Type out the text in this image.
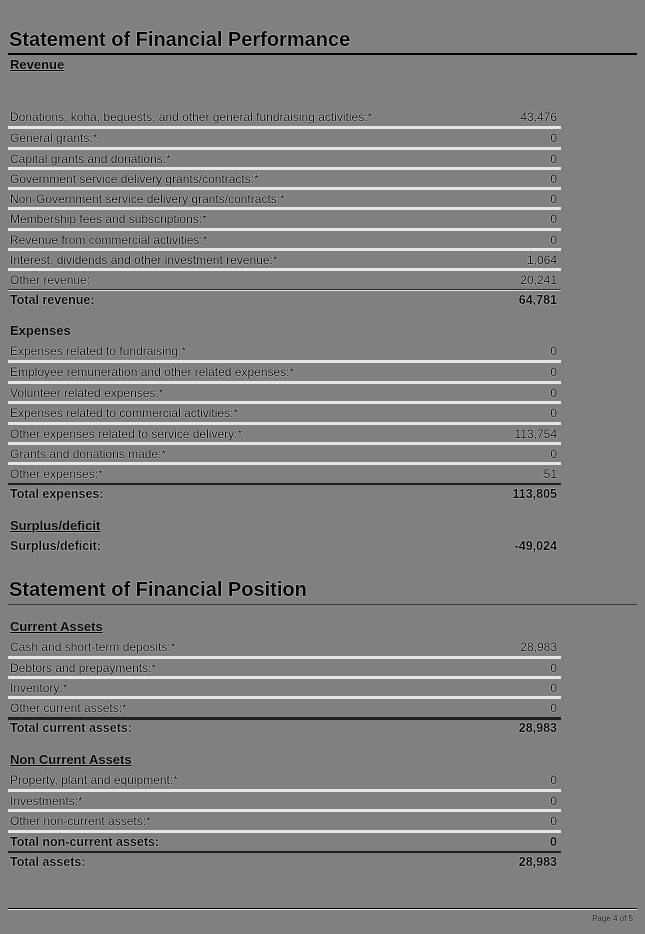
Statement of Financial Performance
Revenue
Donations, koha, bequests, and other general fundraising activities:*	43,476
General grants:*	0
Capital grants and donations:*	0
Government service delivery grants/contracts:*	0
Non-Government service delivery grants/contracts:*	0
Membership fees and subscriptions:*	0
Revenue from commercial activities:*	0
Interest, dividends and other investment revenue:*	1,064
Other revenue:	20,241
Total revenue:	64,781
Expenses
Expenses related to fundraising:*	0
Employee remuneration and other related expenses:*	0
Volunteer related expenses:*	0
Expenses related to commercial activities:*	0
Other expenses related to service delivery:*	113,754
Grants and donations made:*	0
Other expenses:*	51
Total expenses:	113,805
Surplus/deficit
Surplus/deficit:	-49,024
Statement of Financial Position
Current Assets
Cash and short-term deposits:*	28,983
Debtors and prepayments:*	0
Inventory:*	0
Other current assets:*	0
Total current assets:	28,983
Non Current Assets
Property, plant and equipment:*	0
Investments:*	0
Other non-current assets:*	0
Total non-current assets:	0
Total assets:	28,983
Page 4 of 5
